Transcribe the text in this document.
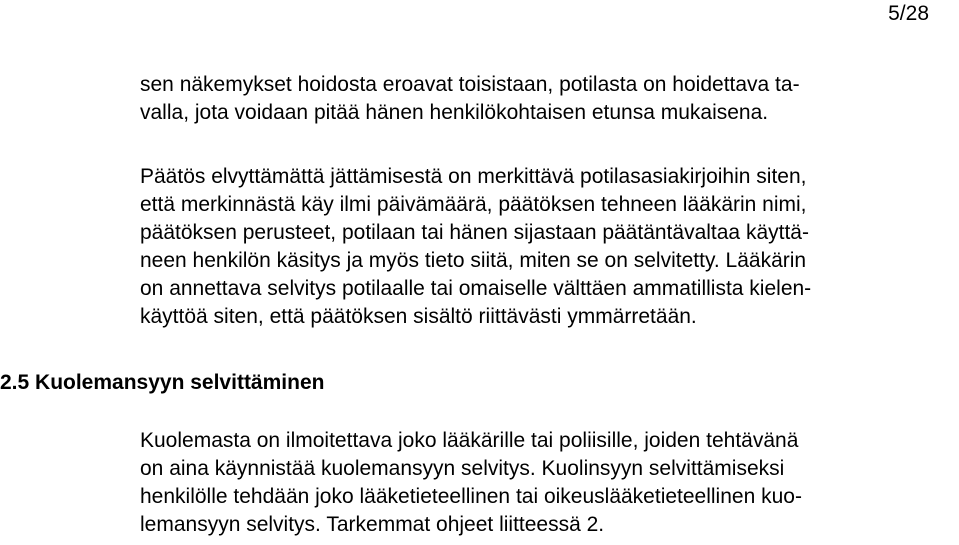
5/28
sen näkemykset hoidosta eroavat toisistaan, potilasta on hoidettava ta-
valla, jota voidaan pitää hänen henkilökohtaisen etunsa mukaisena.
Päätös elvyttämättä jättämisestä on merkittävä potilasasiakirjoihin siten,
että merkinnästä käy ilmi päivämäärä, päätöksen tehneen lääkärin nimi,
päätöksen perusteet, potilaan tai hänen sijastaan päätäntävaltaa käyttä-
neen henkilön käsitys ja myös tieto siitä, miten se on selvitetty. Lääkärin
on annettava selvitys potilaalle tai omaiselle välttäen ammatillista kielen-
käyttöä siten, että päätöksen sisältö riittävästi ymmärretään.
2.5 Kuolemansyyn selvittäminen
Kuolemasta on ilmoitettava joko lääkärille tai poliisille, joiden tehtävänä
on aina käynnistää kuolemansyyn selvitys. Kuolinsyyn selvittämiseksi
henkilölle tehdään joko lääketieteellinen tai oikeuslääketieteellinen kuo-
lemansyyn selvitys. Tarkemmat ohjeet liitteessä 2.
